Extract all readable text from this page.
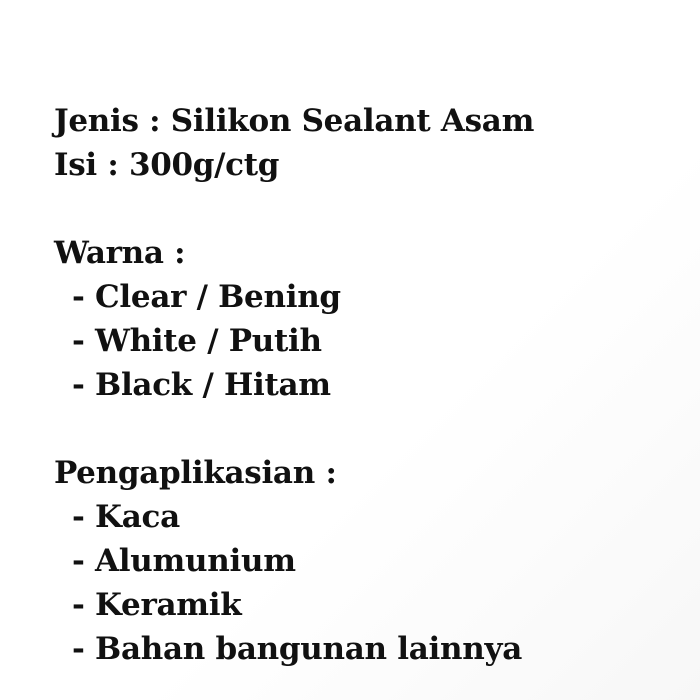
Jenis : Silikon Sealant Asam
Isi : 300g/ctg
Warna :
- Clear / Bening
- White / Putih
- Black / Hitam
Pengaplikasian :
- Kaca
- Alumunium
- Keramik
- Bahan bangunan lainnya
